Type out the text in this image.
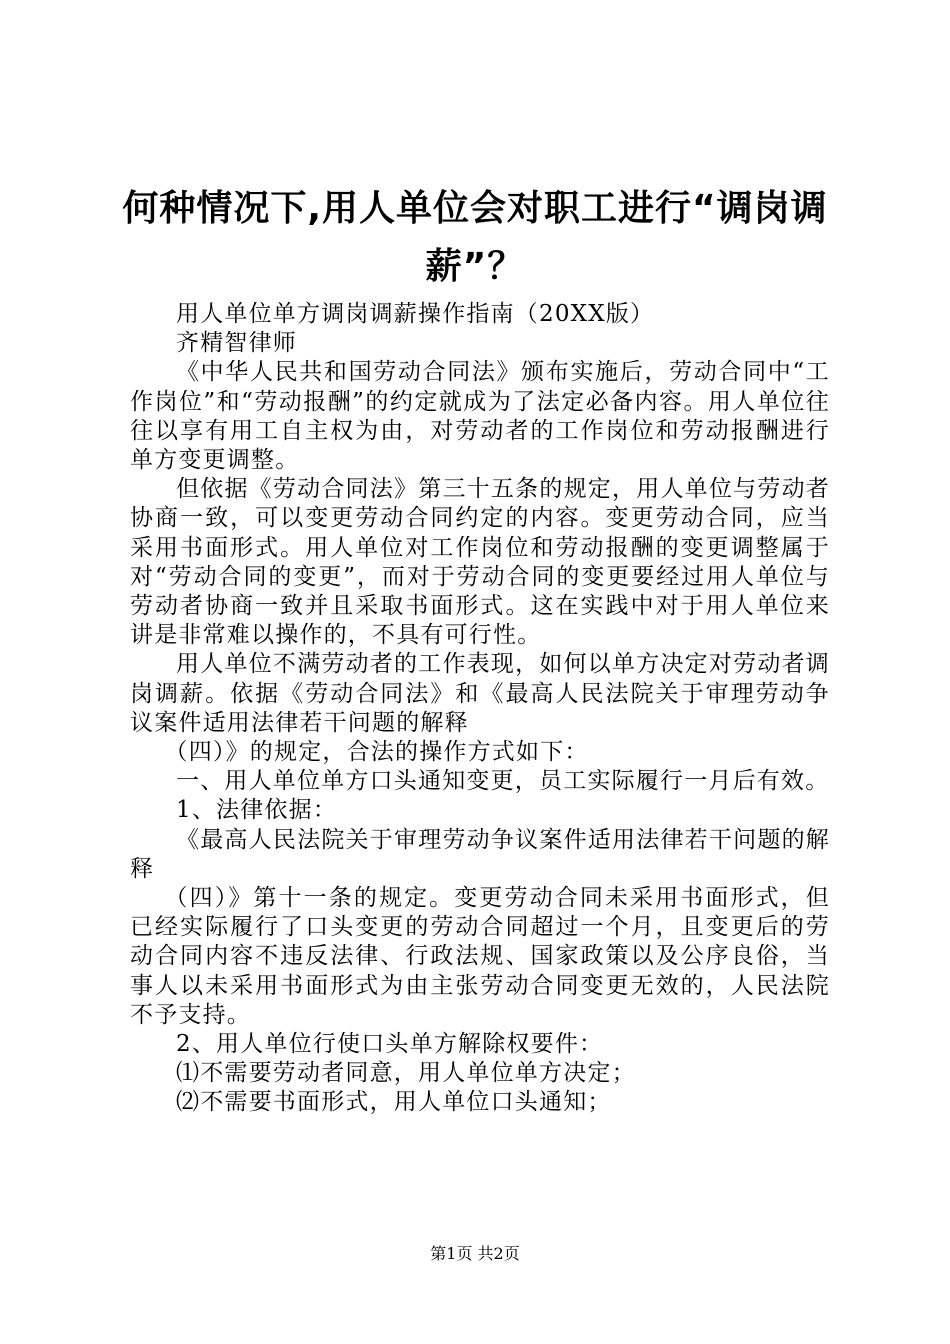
何种情况下,用人单位会对职工进行“调岗调薪”？

用人单位单方调岗调薪操作指南（20XX版）

齐精智律师

《中华人民共和国劳动合同法》颁布实施后，劳动合同中“工作岗位”和“劳动报酬”的约定就成为了法定必备内容。用人单位往往以享有用工自主权为由，对劳动者的工作岗位和劳动报酬进行单方变更调整。

但依据《劳动合同法》第三十五条的规定，用人单位与劳动者协商一致，可以变更劳动合同约定的内容。变更劳动合同，应当采用书面形式。用人单位对工作岗位和劳动报酬的变更调整属于对“劳动合同的变更”，而对于劳动合同的变更要经过用人单位与劳动者协商一致并且采取书面形式。这在实践中对于用人单位来讲是非常难以操作的，不具有可行性。

用人单位不满劳动者的工作表现，如何以单方决定对劳动者调岗调薪。依据《劳动合同法》和《最高人民法院关于审理劳动争议案件适用法律若干问题的解释

（四）》的规定，合法的操作方式如下：

一、用人单位单方口头通知变更，员工实际履行一月后有效。

1、法律依据：

《最高人民法院关于审理劳动争议案件适用法律若干问题的解释

（四）》第十一条的规定。变更劳动合同未采用书面形式，但已经实际履行了口头变更的劳动合同超过一个月，且变更后的劳动合同内容不违反法律、行政法规、国家政策以及公序良俗，当事人以未采用书面形式为由主张劳动合同变更无效的，人民法院不予支持。

2、用人单位行使口头单方解除权要件：

⑴不需要劳动者同意，用人单位单方决定；

⑵不需要书面形式，用人单位口头通知；

第1页 共2页
